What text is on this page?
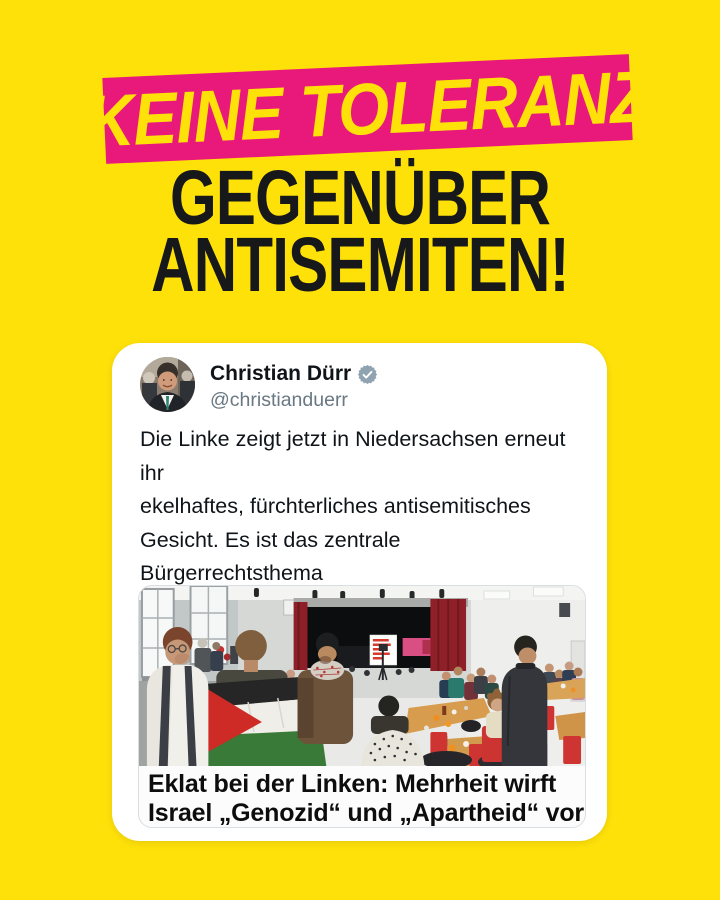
KEINE TOLERANZ
GEGENÜBER
ANTISEMITEN!
Christian Dürr
@christianduerr
Die Linke zeigt jetzt in Niedersachsen erneut ihr
ekelhaftes, fürchterliches antisemitisches
Gesicht. Es ist das zentrale Bürgerrechtsthema
Eklat bei der Linken: Mehrheit wirft
Israel „Genozid“ und „Apartheid“ vor
